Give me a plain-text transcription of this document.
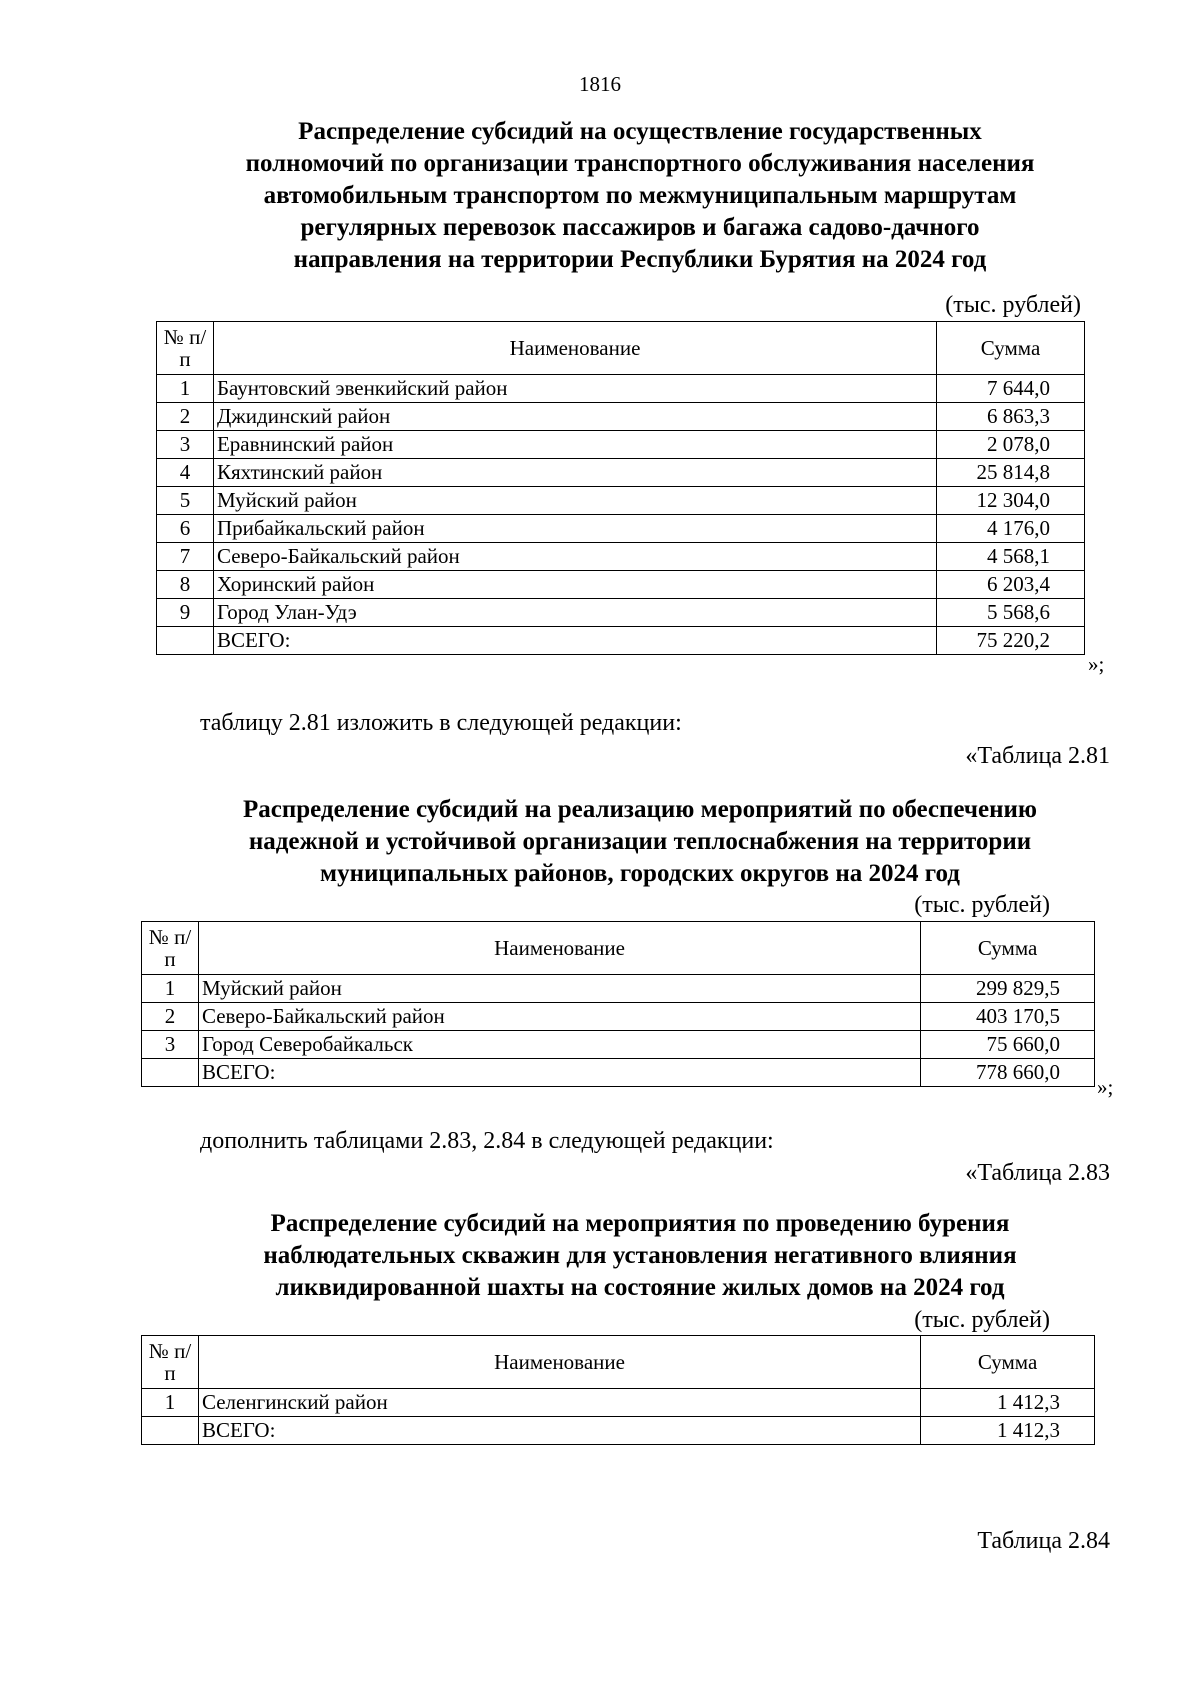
1816
Распределение субсидий на осуществление государственных
полномочий по организации транспортного обслуживания населения
автомобильным транспортом по межмуниципальным маршрутам
регулярных перевозок пассажиров и багажа садово-дачного
направления на территории Республики Бурятия на 2024 год
(тыс. рублей)
№ п/п	Наименование	Сумма
1	Баунтовский эвенкийский район	7 644,0
2	Джидинский район	6 863,3
3	Еравнинский район	2 078,0
4	Кяхтинский район	25 814,8
5	Муйский район	12 304,0
6	Прибайкальский район	4 176,0
7	Северо-Байкальский район	4 568,1
8	Хоринский район	6 203,4
9	Город Улан-Удэ	5 568,6
	ВСЕГО:	75 220,2
»;
таблицу 2.81 изложить в следующей редакции:
«Таблица 2.81
Распределение субсидий на реализацию мероприятий по обеспечению
надежной и устойчивой организации теплоснабжения на территории
муниципальных районов, городских округов на 2024 год
(тыс. рублей)
№ п/п	Наименование	Сумма
1	Муйский район	299 829,5
2	Северо-Байкальский район	403 170,5
3	Город Северобайкальск	75 660,0
	ВСЕГО:	778 660,0
»;
дополнить таблицами 2.83, 2.84 в следующей редакции:
«Таблица 2.83
Распределение субсидий на мероприятия по проведению бурения
наблюдательных скважин для установления негативного влияния
ликвидированной шахты на состояние жилых домов на 2024 год
(тыс. рублей)
№ п/п	Наименование	Сумма
1	Селенгинский район	1 412,3
	ВСЕГО:	1 412,3
Таблица 2.84
